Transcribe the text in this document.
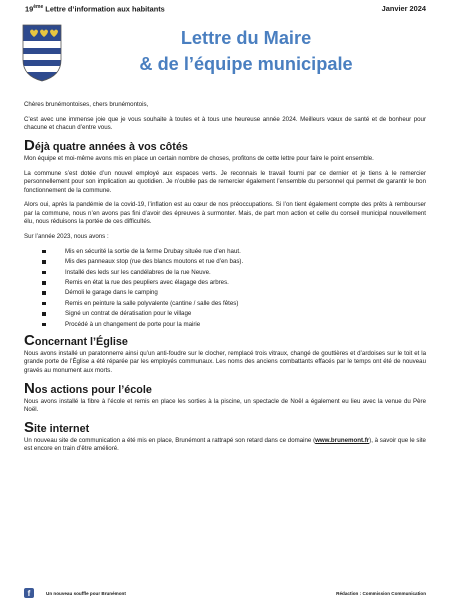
19ème Lettre d’information aux habitants	Janvier 2024
Lettre du Maire
& de l’équipe municipale

Chères brunémontoises, chers brunémontois,

C’est avec une immense joie que je vous souhaite à toutes et à tous une heureuse année 2024. Meilleurs vœux de santé et de bonheur pour chacune et chacun d’entre vous.

Déjà quatre années à vos côtés

Mon équipe et moi-même avons mis en place un certain nombre de choses, profitons de cette lettre pour faire le point ensemble.

La commune s’est dotée d’un nouvel employé aux espaces verts. Je reconnais le travail fourni par ce dernier et je tiens à le remercier personnellement pour son implication au quotidien. Je n’oublie pas de remercier également l’ensemble du personnel qui permet de garantir le bon fonctionnement de la commune.

Alors oui, après la pandémie de la covid-19, l’inflation est au cœur de nos préoccupations. Si l’on tient également compte des prêts à rembourser par la commune, nous n’en avons pas fini d’avoir des épreuves à surmonter. Mais, de part mon action et celle du conseil municipal nouvellement élu, nous réduisons la portée de ces difficultés.

Sur l’année 2023, nous avons :

Mis en sécurité la sortie de la ferme Drubay située rue d’en haut.
Mis des panneaux stop (rue des blancs moutons et rue d’en bas).
Installé des leds sur les candélabres de la rue Neuve.
Remis en état la rue des peupliers avec élagage des arbres.
Démoli le garage dans le camping
Remis en peinture la salle polyvalente (cantine / salle des fêtes)
Signé un contrat de dératisation pour le village
Procédé à un changement de porte pour la mairie
Concernant l’Église

Nous avons installé un paratonnerre ainsi qu’un anti-foudre sur le clocher, remplacé trois vitraux, changé de gouttières et d’ardoises sur le toit et la grande porte de l’Église a été réparée par les employés communaux. Les noms des anciens combattants effacés par le temps ont été de nouveau gravés au monument aux morts.

Nos actions pour l’école

Nous avons installé la fibre à l’école et remis en place les sorties à la piscine, un spectacle de Noël a également eu lieu avec la venue du Père Noël.

Site internet

Un nouveau site de communication a été mis en place, Brunémont a rattrapé son retard dans ce domaine (www.brunemont.fr), à savoir que le site est encore en train d’être amélioré.

f	Un nouveau souffle pour Brunémont	Rédaction : Commission Communication
